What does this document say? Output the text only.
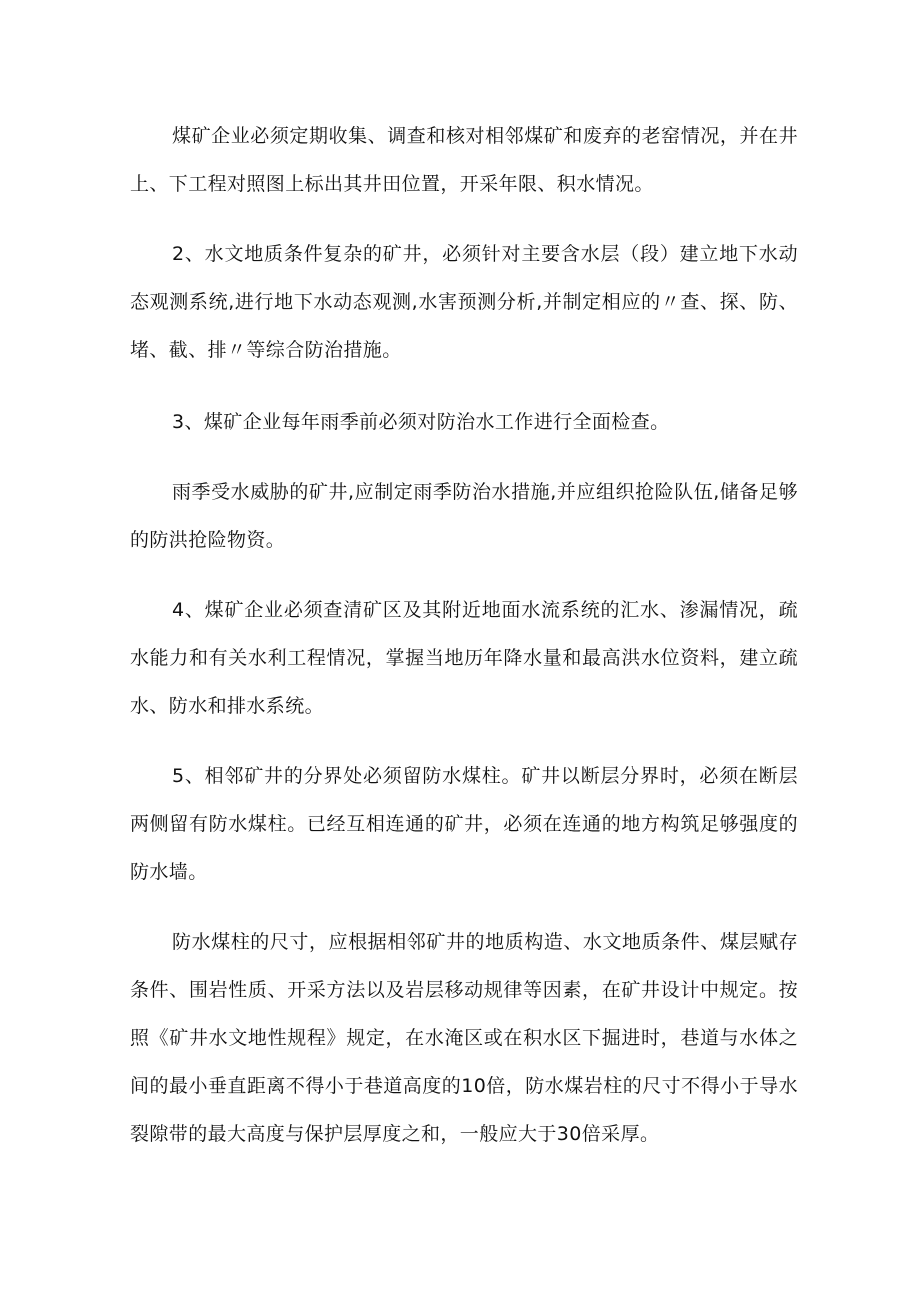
煤矿企业必须定期收集、调查和核对相邻煤矿和废弃的老窑情况，并在井上、下工程对照图上标出其井田位置，开采年限、积水情况。

2、水文地质条件复杂的矿井，必须针对主要含水层（段）建立地下水动态观测系统,进行地下水动态观测,水害预测分析,并制定相应的〃查、探、防、堵、截、排〃等综合防治措施。

3、煤矿企业每年雨季前必须对防治水工作进行全面检查。

雨季受水威胁的矿井,应制定雨季防治水措施,并应组织抢险队伍,储备足够的防洪抢险物资。

4、煤矿企业必须查清矿区及其附近地面水流系统的汇水、渗漏情况，疏水能力和有关水利工程情况，掌握当地历年降水量和最高洪水位资料，建立疏水、防水和排水系统。

5、相邻矿井的分界处必须留防水煤柱。矿井以断层分界时，必须在断层两侧留有防水煤柱。已经互相连通的矿井，必须在连通的地方构筑足够强度的防水墙。

防水煤柱的尺寸，应根据相邻矿井的地质构造、水文地质条件、煤层赋存条件、围岩性质、开采方法以及岩层移动规律等因素，在矿井设计中规定。按照《矿井水文地性规程》规定，在水淹区或在积水区下掘进时，巷道与水体之间的最小垂直距离不得小于巷道高度的10倍，防水煤岩柱的尺寸不得小于导水裂隙带的最大高度与保护层厚度之和，一般应大于30倍采厚。
